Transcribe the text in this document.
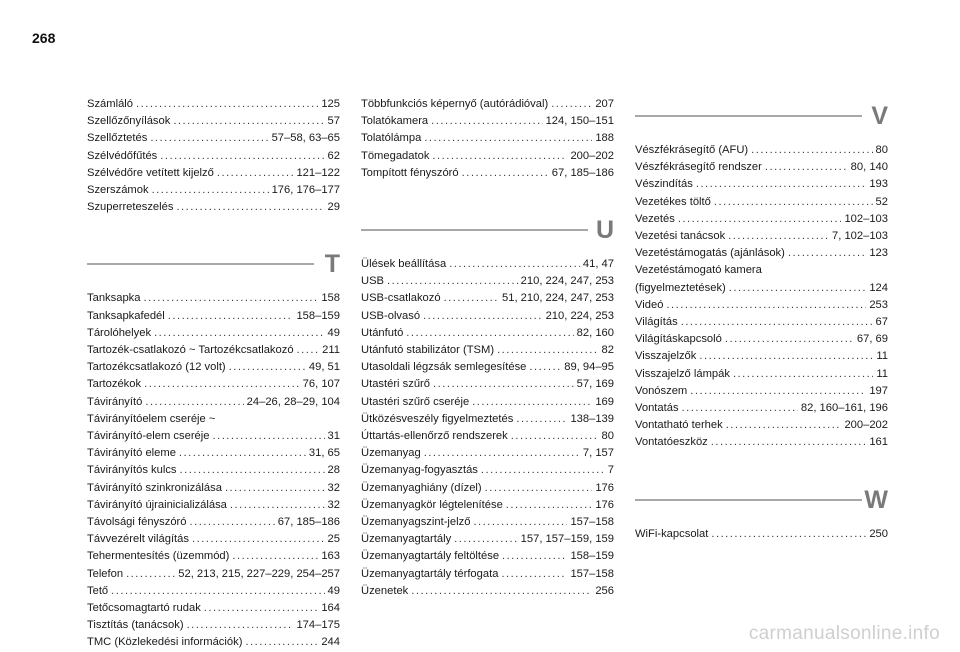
268
Számláló .....	125
Szellőzőnyílások .....	57
Szellőztetés .....	57–58, 63–65
Szélvédőfűtés .....	62
Szélvédőre vetített kijelző .....	121–122
Szerszámok .....	176, 176–177
Szuperreteszelés .....	29
T
Tanksapka .....	158
Tanksapkafedél .....	158–159
Tárolóhelyek .....	49
Tartozék-csatlakozó ~ Tartozékcsatlakozó .....	211
Tartozékcsatlakozó (12 volt) .....	49, 51
Tartozékok .....	76, 107
Távirányító .....	24–26, 28–29, 104
Távirányítóelem cseréje ~
Távirányító-elem cseréje .....	31
Távirányító eleme .....	31, 65
Távirányítós kulcs .....	28
Távirányító szinkronizálása .....	32
Távirányító újrainicializálása .....	32
Távolsági fényszóró .....	67, 185–186
Távvezérelt világítás .....	25
Tehermentesítés (üzemmód) .....	163
Telefon .....	52, 213, 215, 227–229, 254–257
Tető .....	49
Tetőcsomagtartó rudak .....	164
Tisztítás (tanácsok) .....	174–175
TMC (Közlekedési információk) .....	244
Többfunkciós képernyő (autórádióval) .....	207
Tolatókamera .....	124, 150–151
Tolatólámpa .....	188
Tömegadatok .....	200–202
Tompított fényszóró .....	67, 185–186
U
Ülések beállítása .....	41, 47
USB .....	210, 224, 247, 253
USB-csatlakozó .....	51, 210, 224, 247, 253
USB-olvasó .....	210, 224, 253
Utánfutó .....	82, 160
Utánfutó stabilizátor (TSM) .....	82
Utasoldali légzsák semlegesítése .....	89, 94–95
Utastéri szűrő .....	57, 169
Utastéri szűrő cseréje .....	169
Ütközésveszély figyelmeztetés .....	138–139
Úttartás-ellenőrző rendszerek .....	80
Üzemanyag .....	7, 157
Üzemanyag-fogyasztás .....	7
Üzemanyaghiány (dízel) .....	176
Üzemanyagkör légtelenítése .....	176
Üzemanyagszint-jelző .....	157–158
Üzemanyagtartály .....	157, 157–159, 159
Üzemanyagtartály feltöltése .....	158–159
Üzemanyagtartály térfogata .....	157–158
Üzenetek .....	256
V
Vészfékrásegítő (AFU) .....	80
Vészfékrásegítő rendszer .....	80, 140
Vészindítás .....	193
Vezetékes töltő .....	52
Vezetés .....	102–103
Vezetési tanácsok .....	7, 102–103
Vezetéstámogatás (ajánlások) .....	123
Vezetéstámogató kamera
(figyelmeztetések) .....	124
Videó .....	253
Világítás .....	67
Világításkapcsoló .....	67, 69
Visszajelzők .....	11
Visszajelző lámpák .....	11
Vonószem .....	197
Vontatás .....	82, 160–161, 196
Vontatható terhek .....	200–202
Vontatóeszköz .....	161
W
WiFi-kapcsolat .....	250
carmanualsonline.info
